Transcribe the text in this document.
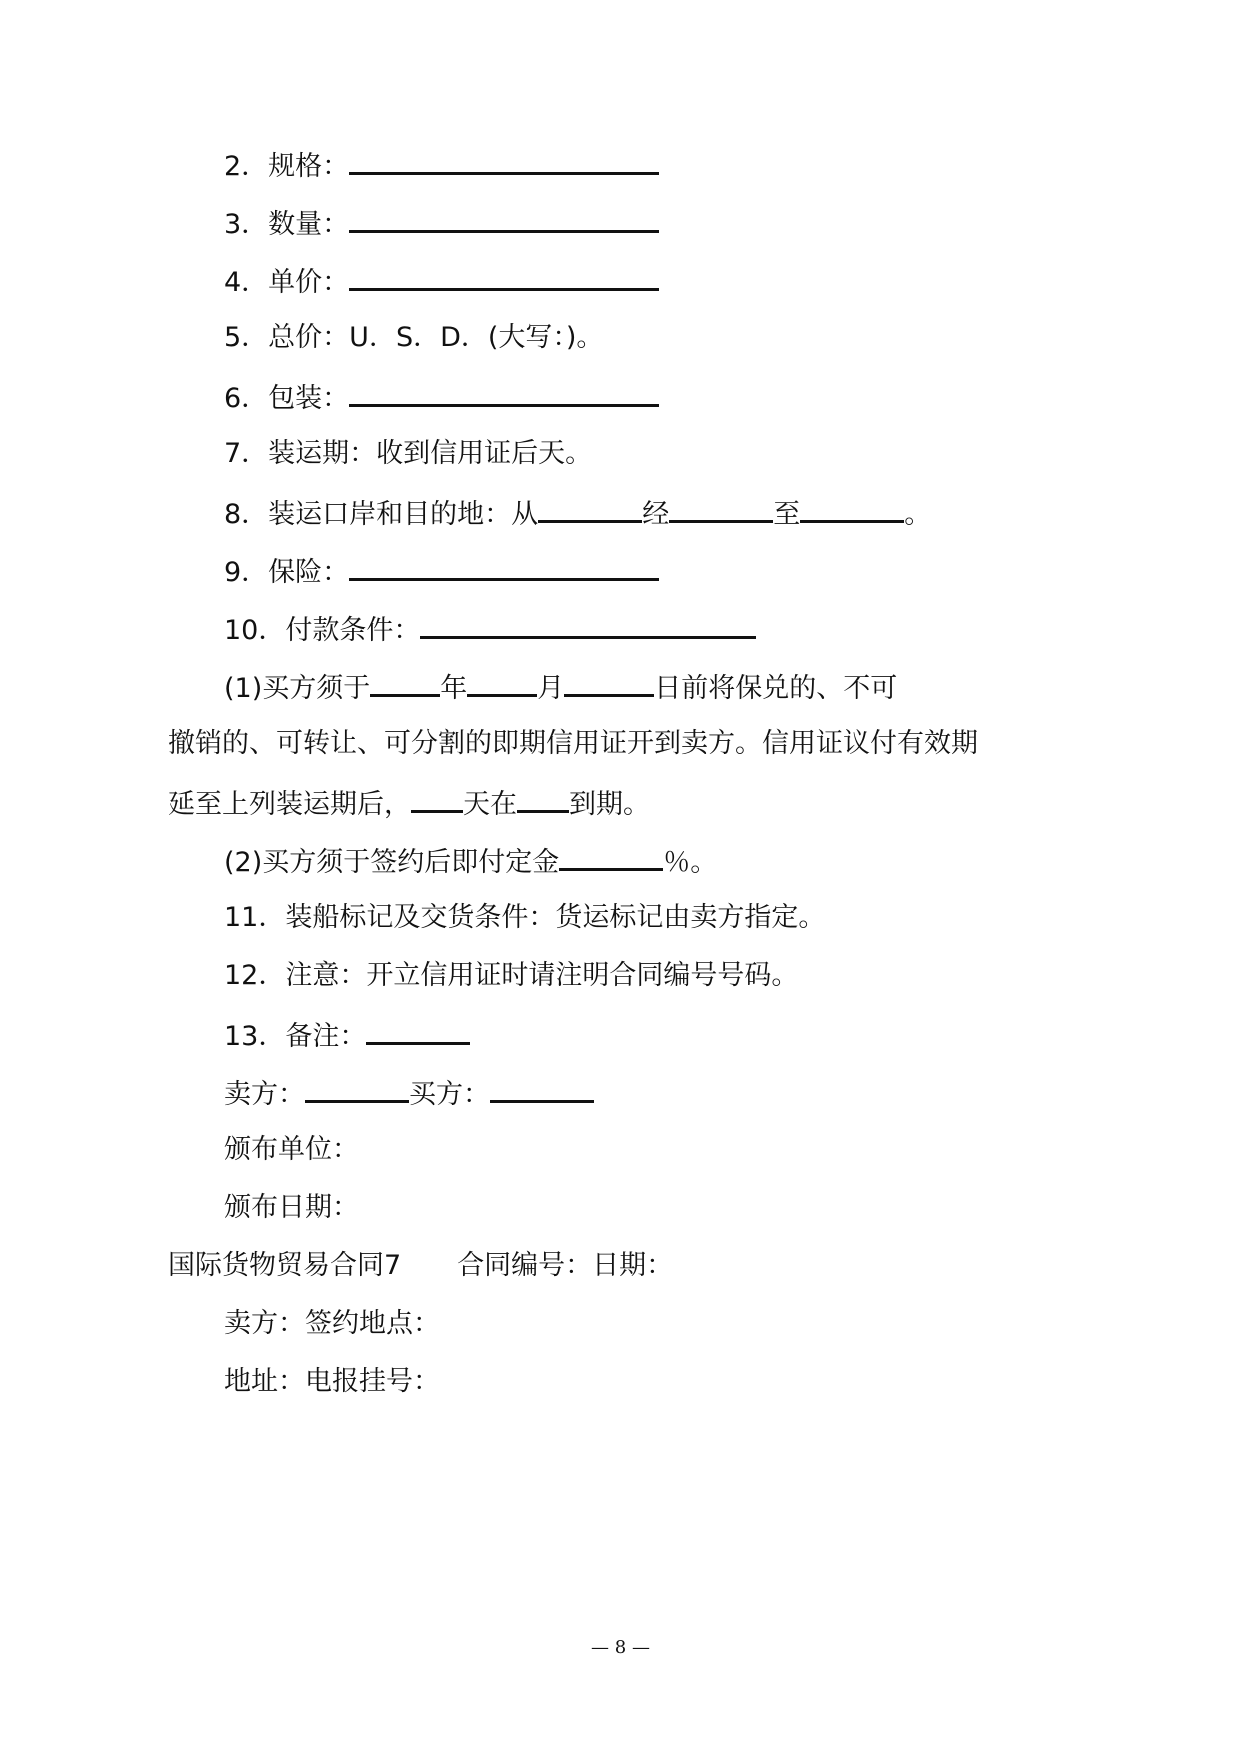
2．规格：
3．数量：
4．单价：
5．总价：U．S．D．(大写：)。
6．包装：
7．装运期：收到信用证后天。
8．装运口岸和目的地：从	经	至	。
9．保险：
10．付款条件：
(1)买方须于	年	月	日前将保兑的、不可
撤销的、可转让、可分割的即期信用证开到卖方。信用证议付有效期
延至上列装运期后， 天在 到期。
(2)买方须于签约后即付定金	％。
11．装船标记及交货条件：货运标记由卖方指定。
12．注意：开立信用证时请注明合同编号号码。
13．备注：
卖方：	买方：
颁布单位：
颁布日期：
国际货物贸易合同7 合同编号：日期：
卖方：签约地点：
地址：电报挂号：
— 8 —
